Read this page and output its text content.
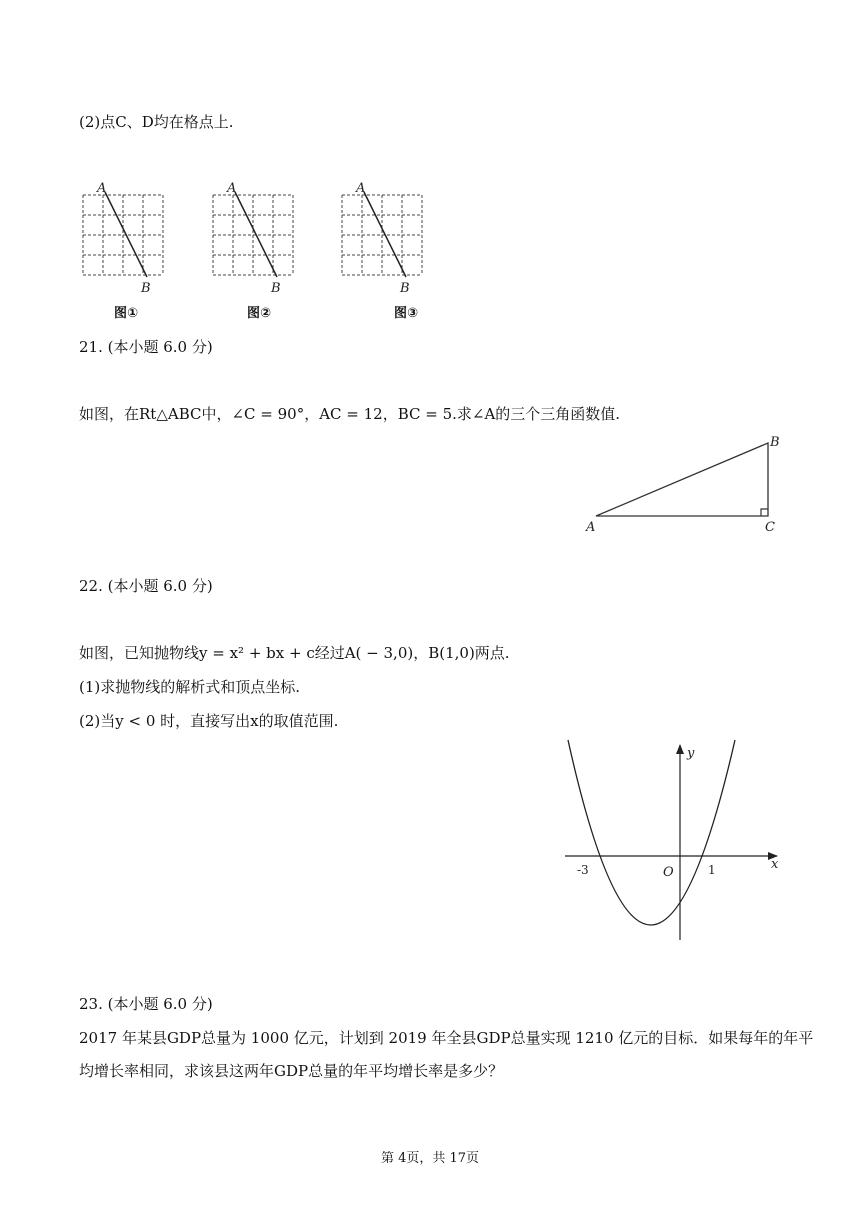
(2)点C、D均在格点上.
A
B
图①
A
B
图②
A
B
图③
21. (本小题 6.0 分)
如图，在Rt△ABC中，∠C = 90°，AC = 12，BC = 5.求∠A的三个三角函数值.
A
B
C
22. (本小题 6.0 分)
如图，已知抛物线y = x² + bx + c经过A( − 3,0)，B(1,0)两点.
(1)求抛物线的解析式和顶点坐标.
(2)当y < 0 时，直接写出x的取值范围.
y
x
O
-3	1
23. (本小题 6.0 分)
2017 年某县GDP总量为 1000 亿元，计划到 2019 年全县GDP总量实现 1210 亿元的目标．如果每年的年平
均增长率相同，求该县这两年GDP总量的年平均增长率是多少？
第 4页，共 17页
